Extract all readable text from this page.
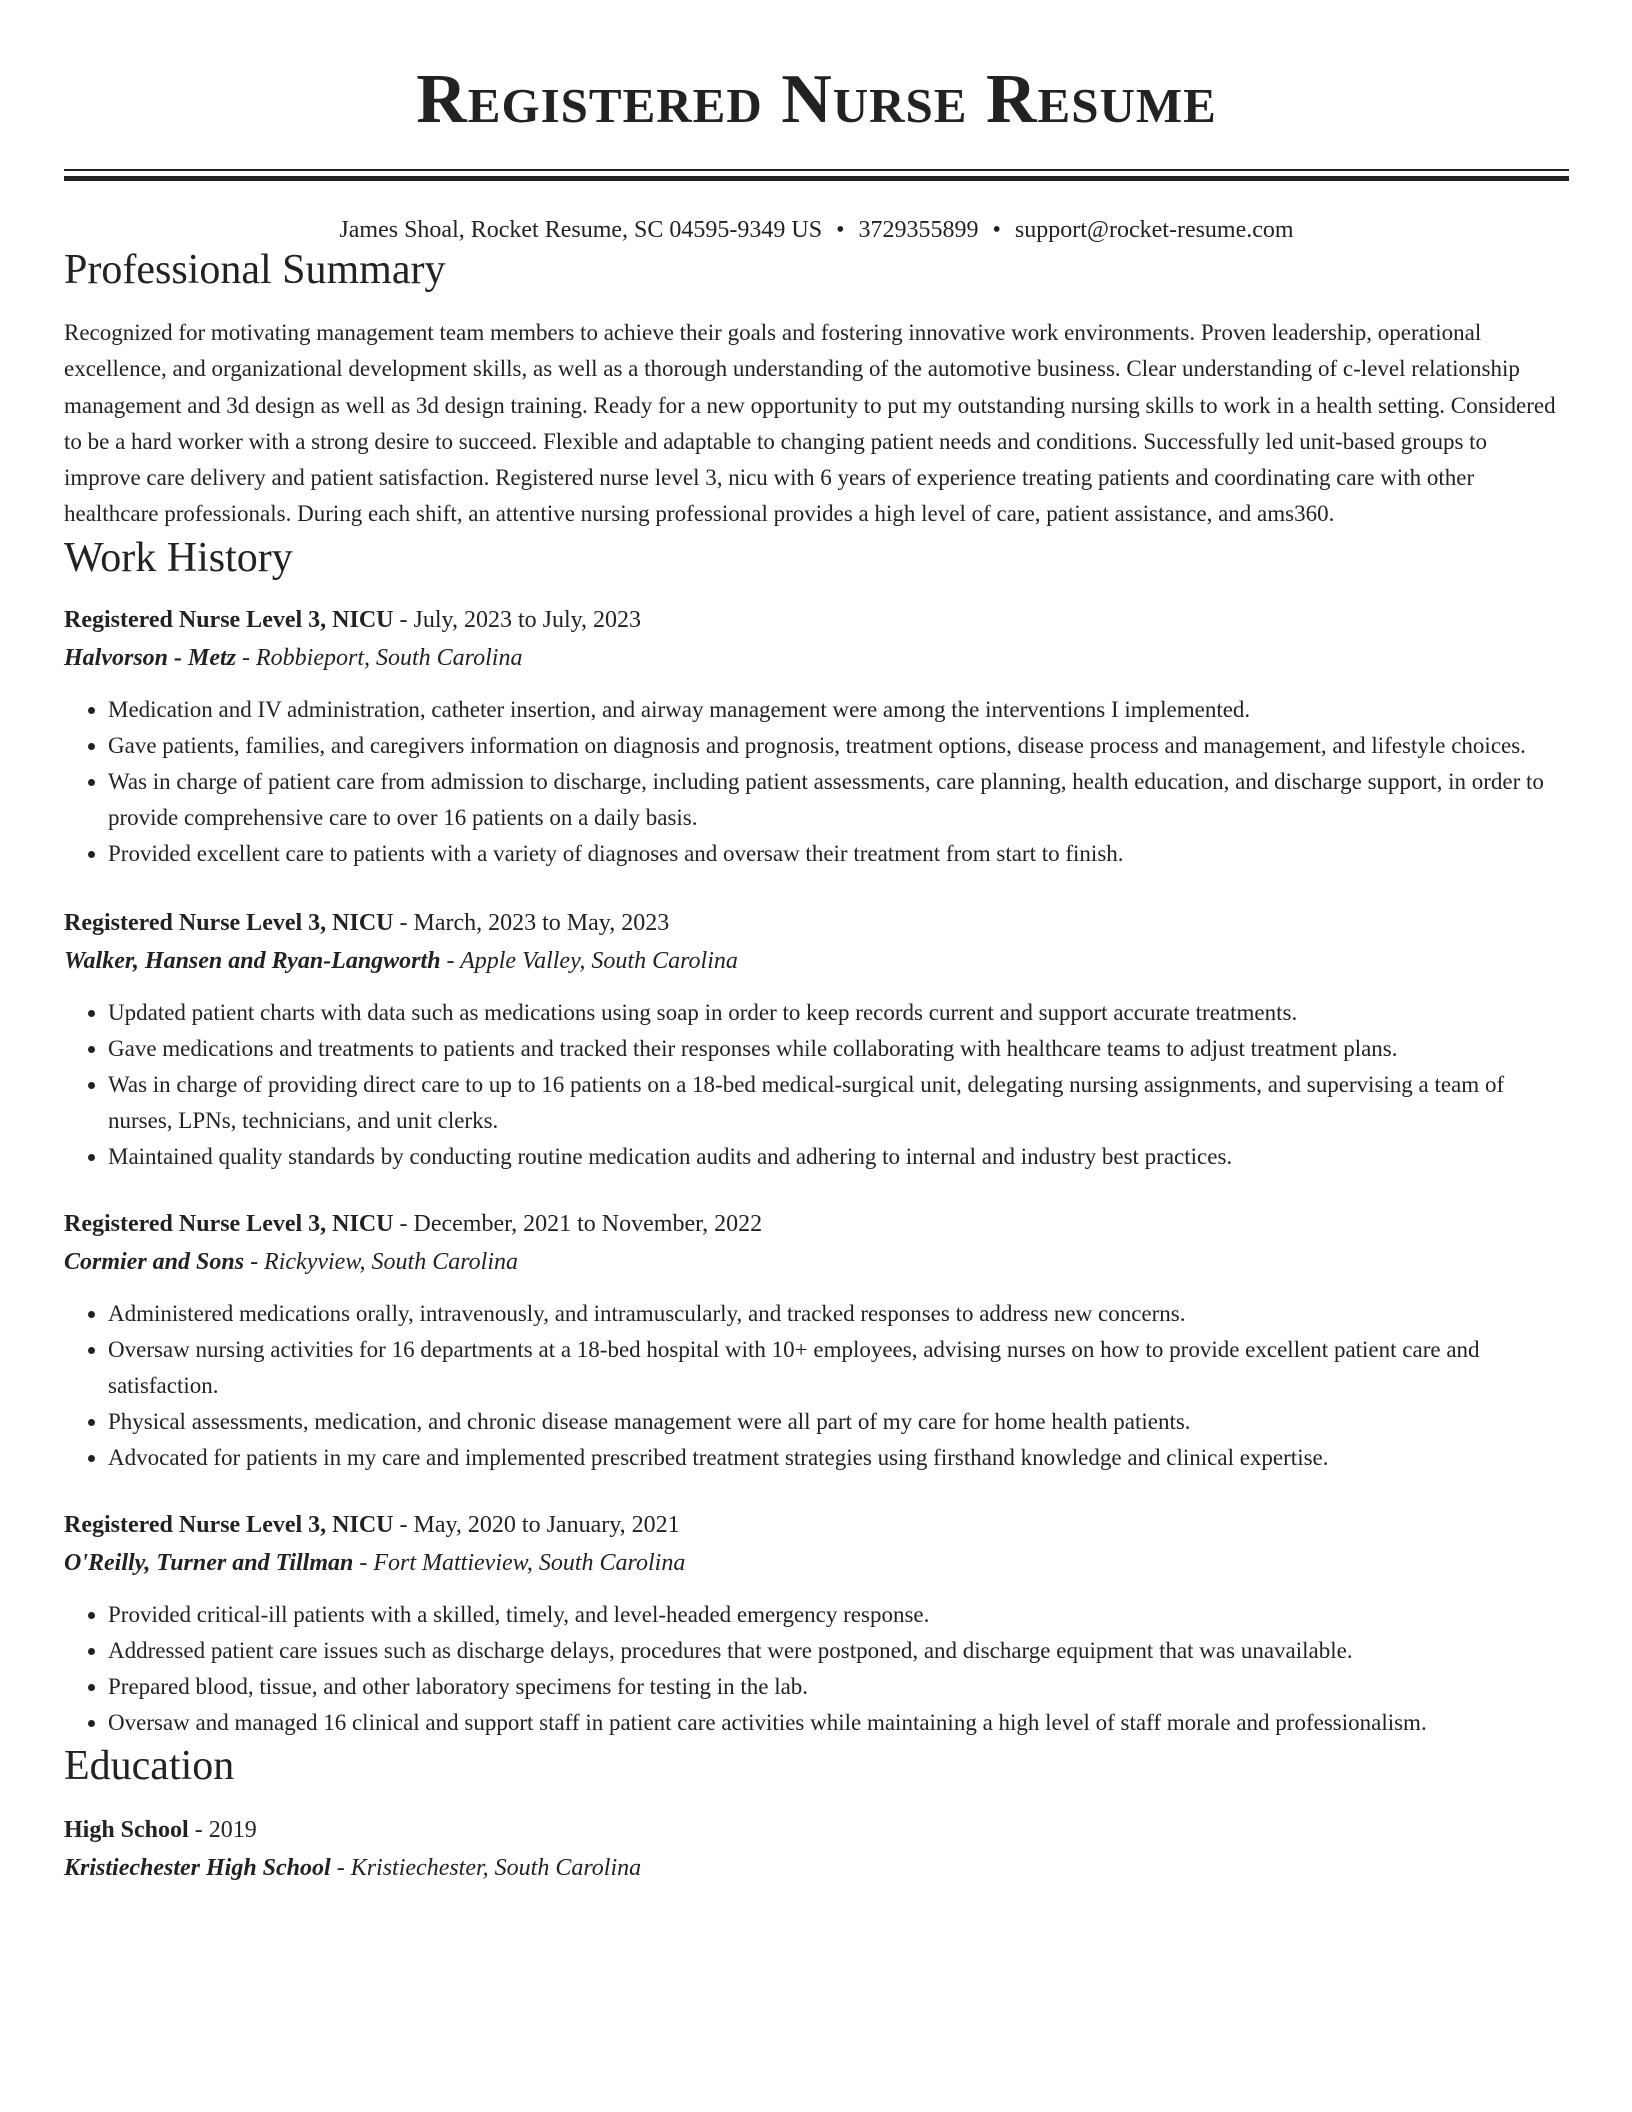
Registered Nurse Resume
James Shoal, Rocket Resume, SC 04595-9349 US • 3729355899 • support@rocket-resume.com
Professional Summary

Recognized for motivating management team members to achieve their goals and fostering innovative work environments. Proven leadership, operational excellence, and organizational development skills, as well as a thorough understanding of the automotive business. Clear understanding of c-level relationship management and 3d design as well as 3d design training. Ready for a new opportunity to put my outstanding nursing skills to work in a health setting. Considered to be a hard worker with a strong desire to succeed. Flexible and adaptable to changing patient needs and conditions. Successfully led unit-based groups to improve care delivery and patient satisfaction. Registered nurse level 3, nicu with 6 years of experience treating patients and coordinating care with other healthcare professionals. During each shift, an attentive nursing professional provides a high level of care, patient assistance, and ams360.

Work History
Registered Nurse Level 3, NICU - July, 2023 to July, 2023
Halvorson - Metz - Robbieport, South Carolina
• Medication and IV administration, catheter insertion, and airway management were among the interventions I implemented.
• Gave patients, families, and caregivers information on diagnosis and prognosis, treatment options, disease process and management, and lifestyle choices.
• Was in charge of patient care from admission to discharge, including patient assessments, care planning, health education, and discharge support, in order to provide comprehensive care to over 16 patients on a daily basis.
• Provided excellent care to patients with a variety of diagnoses and oversaw their treatment from start to finish.
Registered Nurse Level 3, NICU - March, 2023 to May, 2023
Walker, Hansen and Ryan-Langworth - Apple Valley, South Carolina
• Updated patient charts with data such as medications using soap in order to keep records current and support accurate treatments.
• Gave medications and treatments to patients and tracked their responses while collaborating with healthcare teams to adjust treatment plans.
• Was in charge of providing direct care to up to 16 patients on a 18-bed medical-surgical unit, delegating nursing assignments, and supervising a team of nurses, LPNs, technicians, and unit clerks.
• Maintained quality standards by conducting routine medication audits and adhering to internal and industry best practices.
Registered Nurse Level 3, NICU - December, 2021 to November, 2022
Cormier and Sons - Rickyview, South Carolina
• Administered medications orally, intravenously, and intramuscularly, and tracked responses to address new concerns.
• Oversaw nursing activities for 16 departments at a 18-bed hospital with 10+ employees, advising nurses on how to provide excellent patient care and satisfaction.
• Physical assessments, medication, and chronic disease management were all part of my care for home health patients.
• Advocated for patients in my care and implemented prescribed treatment strategies using firsthand knowledge and clinical expertise.
Registered Nurse Level 3, NICU - May, 2020 to January, 2021
O'Reilly, Turner and Tillman - Fort Mattieview, South Carolina
• Provided critical-ill patients with a skilled, timely, and level-headed emergency response.
• Addressed patient care issues such as discharge delays, procedures that were postponed, and discharge equipment that was unavailable.
• Prepared blood, tissue, and other laboratory specimens for testing in the lab.
• Oversaw and managed 16 clinical and support staff in patient care activities while maintaining a high level of staff morale and professionalism.
Education
High School - 2019
Kristiechester High School - Kristiechester, South Carolina
